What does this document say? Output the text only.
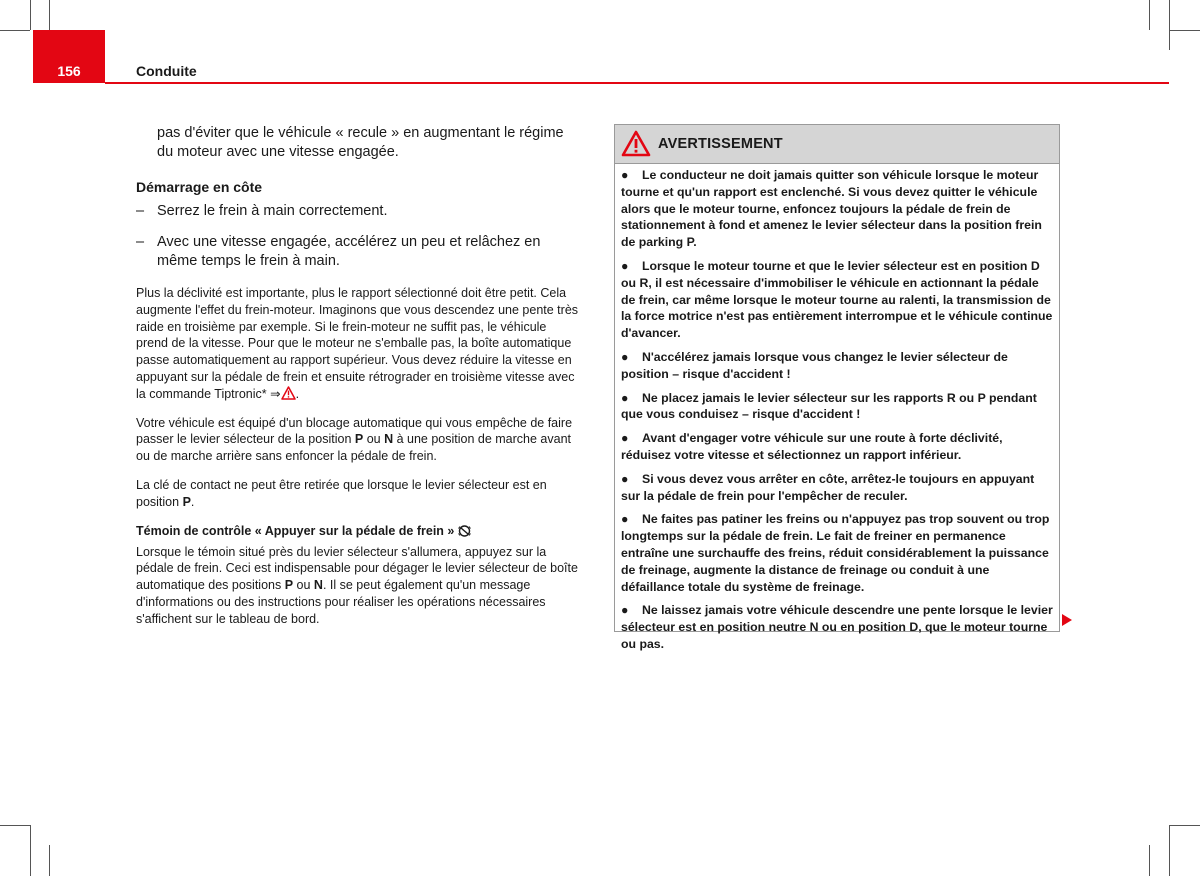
156	Conduite

pas d'éviter que le véhicule « recule » en augmentant le régime du moteur avec une vitesse engagée.

Démarrage en côte

– Serrez le frein à main correctement.
– Avec une vitesse engagée, accélérez un peu et relâchez en même temps le frein à main.

Plus la déclivité est importante, plus le rapport sélectionné doit être petit. Cela augmente l'effet du frein-moteur. Imaginons que vous descendez une pente très raide en troisième par exemple. Si le frein-moteur ne suffit pas, le véhicule prend de la vitesse. Pour que le moteur ne s'emballe pas, la boîte automatique passe automatiquement au rapport supérieur. Vous devez réduire la vitesse en appuyant sur la pédale de frein et ensuite rétrograder en troisième vitesse avec la commande Tiptronic* ⇒ .

Votre véhicule est équipé d'un blocage automatique qui vous empêche de faire passer le levier sélecteur de la position P ou N à une position de marche avant ou de marche arrière sans enfoncer la pédale de frein.

La clé de contact ne peut être retirée que lorsque le levier sélecteur est en position P.

Témoin de contrôle « Appuyer sur la pédale de frein »

Lorsque le témoin situé près du levier sélecteur s'allumera, appuyez sur la pédale de frein. Ceci est indispensable pour dégager le levier sélecteur de boîte automatique des positions P ou N. Il se peut également qu'un message d'informations ou des instructions pour réaliser les opérations nécessaires s'affichent sur le tableau de bord.

AVERTISSEMENT

● Le conducteur ne doit jamais quitter son véhicule lorsque le moteur tourne et qu'un rapport est enclenché. Si vous devez quitter le véhicule alors que le moteur tourne, enfoncez toujours la pédale de frein de stationnement à fond et amenez le levier sélecteur dans la position frein de parking P.

● Lorsque le moteur tourne et que le levier sélecteur est en position D ou R, il est nécessaire d'immobiliser le véhicule en actionnant la pédale de frein, car même lorsque le moteur tourne au ralenti, la transmission de la force motrice n'est pas entièrement interrompue et le véhicule continue d'avancer.

● N'accélérez jamais lorsque vous changez le levier sélecteur de position – risque d'accident !

● Ne placez jamais le levier sélecteur sur les rapports R ou P pendant que vous conduisez – risque d'accident !

● Avant d'engager votre véhicule sur une route à forte déclivité, réduisez votre vitesse et sélectionnez un rapport inférieur.

● Si vous devez vous arrêter en côte, arrêtez-le toujours en appuyant sur la pédale de frein pour l'empêcher de reculer.

● Ne faites pas patiner les freins ou n'appuyez pas trop souvent ou trop longtemps sur la pédale de frein. Le fait de freiner en permanence entraîne une surchauffe des freins, réduit considérablement la puissance de freinage, augmente la distance de freinage ou conduit à une défaillance totale du système de freinage.

● Ne laissez jamais votre véhicule descendre une pente lorsque le levier sélecteur est en position neutre N ou en position D, que le moteur tourne ou pas.
